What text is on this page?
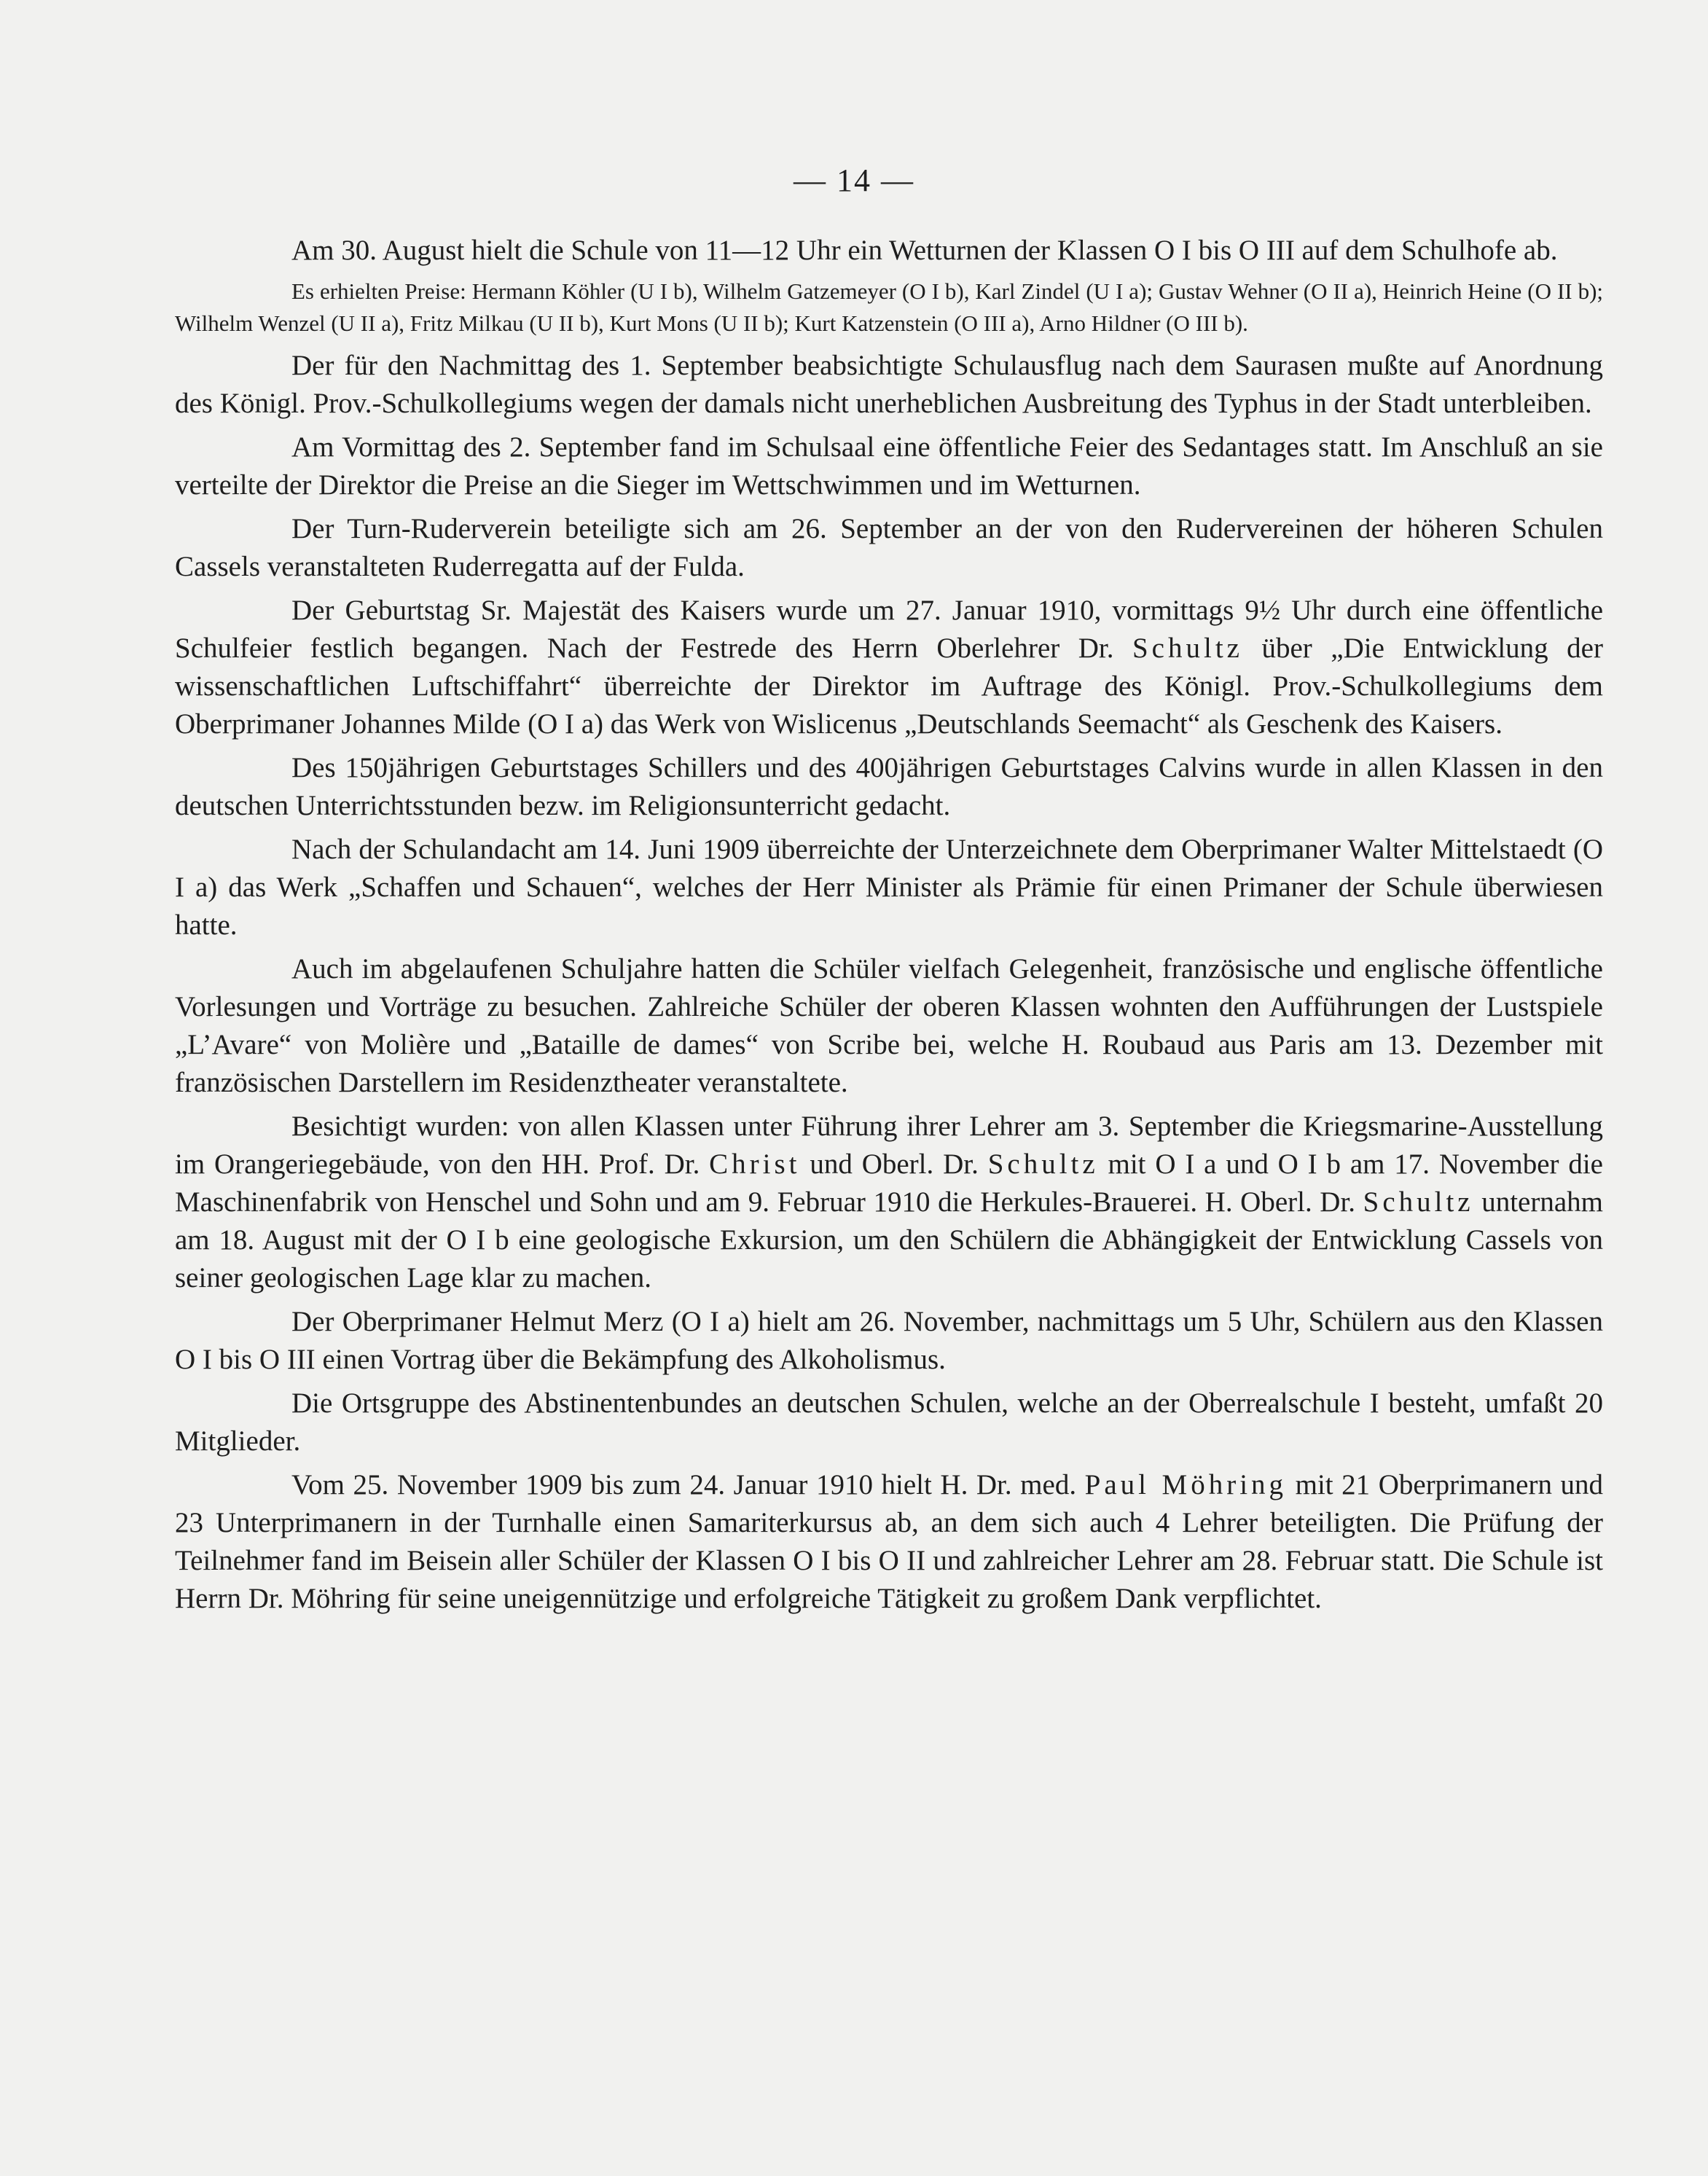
— 14 —

Am 30. August hielt die Schule von 11—12 Uhr ein Wetturnen der Klassen O I bis O III auf dem Schulhofe ab.

Es erhielten Preise: Hermann Köhler (U I b), Wilhelm Gatzemeyer (O I b), Karl Zindel (U I a); Gustav Wehner (O II a), Heinrich Heine (O II b); Wilhelm Wenzel (U II a), Fritz Milkau (U II b), Kurt Mons (U II b); Kurt Katzenstein (O III a), Arno Hildner (O III b).

Der für den Nachmittag des 1. September beabsichtigte Schulausflug nach dem Saurasen mußte auf Anordnung des Königl. Prov.-Schulkollegiums wegen der damals nicht unerheblichen Ausbreitung des Typhus in der Stadt unterbleiben.

Am Vormittag des 2. September fand im Schulsaal eine öffentliche Feier des Sedantages statt. Im Anschluß an sie verteilte der Direktor die Preise an die Sieger im Wettschwimmen und im Wetturnen.

Der Turn-Ruderverein beteiligte sich am 26. September an der von den Rudervereinen der höheren Schulen Cassels veranstalteten Ruderregatta auf der Fulda.

Der Geburtstag Sr. Majestät des Kaisers wurde um 27. Januar 1910, vormittags 9½ Uhr durch eine öffentliche Schulfeier festlich begangen. Nach der Festrede des Herrn Oberlehrer Dr. Schultz über „Die Entwicklung der wissenschaftlichen Luftschiffahrt“ überreichte der Direktor im Auftrage des Königl. Prov.-Schulkollegiums dem Oberprimaner Johannes Milde (O I a) das Werk von Wislicenus „Deutschlands Seemacht“ als Geschenk des Kaisers.

Des 150jährigen Geburtstages Schillers und des 400jährigen Geburtstages Calvins wurde in allen Klassen in den deutschen Unterrichtsstunden bezw. im Religionsunterricht gedacht.

Nach der Schulandacht am 14. Juni 1909 überreichte der Unterzeichnete dem Oberprimaner Walter Mittelstaedt (O I a) das Werk „Schaffen und Schauen“, welches der Herr Minister als Prämie für einen Primaner der Schule überwiesen hatte.

Auch im abgelaufenen Schuljahre hatten die Schüler vielfach Gelegenheit, französische und englische öffentliche Vorlesungen und Vorträge zu besuchen. Zahlreiche Schüler der oberen Klassen wohnten den Aufführungen der Lustspiele „L’Avare“ von Molière und „Bataille de dames“ von Scribe bei, welche H. Roubaud aus Paris am 13. Dezember mit französischen Darstellern im Residenztheater veranstaltete.

Besichtigt wurden: von allen Klassen unter Führung ihrer Lehrer am 3. September die Kriegsmarine-Ausstellung im Orangeriegebäude, von den HH. Prof. Dr. Christ und Oberl. Dr. Schultz mit O I a und O I b am 17. November die Maschinenfabrik von Henschel und Sohn und am 9. Februar 1910 die Herkules-Brauerei. H. Oberl. Dr. Schultz unternahm am 18. August mit der O I b eine geologische Exkursion, um den Schülern die Abhängigkeit der Entwicklung Cassels von seiner geologischen Lage klar zu machen.

Der Oberprimaner Helmut Merz (O I a) hielt am 26. November, nachmittags um 5 Uhr, Schülern aus den Klassen O I bis O III einen Vortrag über die Bekämpfung des Alkoholismus.

Die Ortsgruppe des Abstinentenbundes an deutschen Schulen, welche an der Oberrealschule I besteht, umfaßt 20 Mitglieder.

Vom 25. November 1909 bis zum 24. Januar 1910 hielt H. Dr. med. Paul Möhring mit 21 Oberprimanern und 23 Unterprimanern in der Turnhalle einen Samariterkursus ab, an dem sich auch 4 Lehrer beteiligten. Die Prüfung der Teilnehmer fand im Beisein aller Schüler der Klassen O I bis O II und zahlreicher Lehrer am 28. Februar statt. Die Schule ist Herrn Dr. Möhring für seine uneigennützige und erfolgreiche Tätigkeit zu großem Dank verpflichtet.
